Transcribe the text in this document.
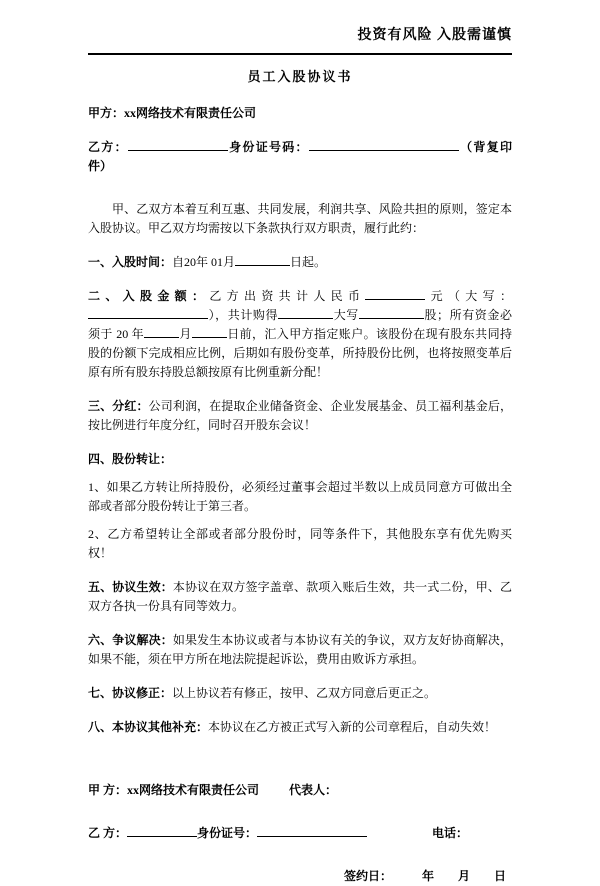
投资有风险 入股需谨慎

员工入股协议书

甲方：xx网络技术有限责任公司

乙方：	身份证号码：	（背复印件）

甲、乙双方本着互利互惠、共同发展，利润共享、风险共担的原则，签定本入股协议。甲乙双方均需按以下条款执行双方职责，履行此约：

一、入股时间：自20年 01月	日起。

二、入股金额：乙方出资共计人民币	元（大写：），共计购得	大写	股；所有资金必须于 20 年	月	日前，汇入甲方指定账户。该股份在现有股东共同持股的份额下完成相应比例，后期如有股份变革，所持股份比例，也将按照变革后原有所有股东持股总额按原有比例重新分配！

三、分红：公司利润，在提取企业储备资金、企业发展基金、员工福利基金后，按比例进行年度分红，同时召开股东会议！

四、股份转让：

1、如果乙方转让所持股份，必须经过董事会超过半数以上成员同意方可做出全部或者部分股份转让于第三者。

2、乙方希望转让全部或者部分股份时，同等条件下，其他股东享有优先购买权！

五、协议生效：本协议在双方签字盖章、款项入账后生效，共一式二份，甲、乙双方各执一份具有同等效力。

六、争议解决：如果发生本协议或者与本协议有关的争议，双方友好协商解决，如果不能，须在甲方所在地法院提起诉讼，费用由败诉方承担。

七、协议修正：以上协议若有修正，按甲、乙双方同意后更正之。

八、本协议其他补充：本协议在乙方被正式写入新的公司章程后，自动失效！

甲 方： xx网络技术有限责任公司	代表人：
乙 方：	身份证号：	电话：
签约日：	年 月 日
